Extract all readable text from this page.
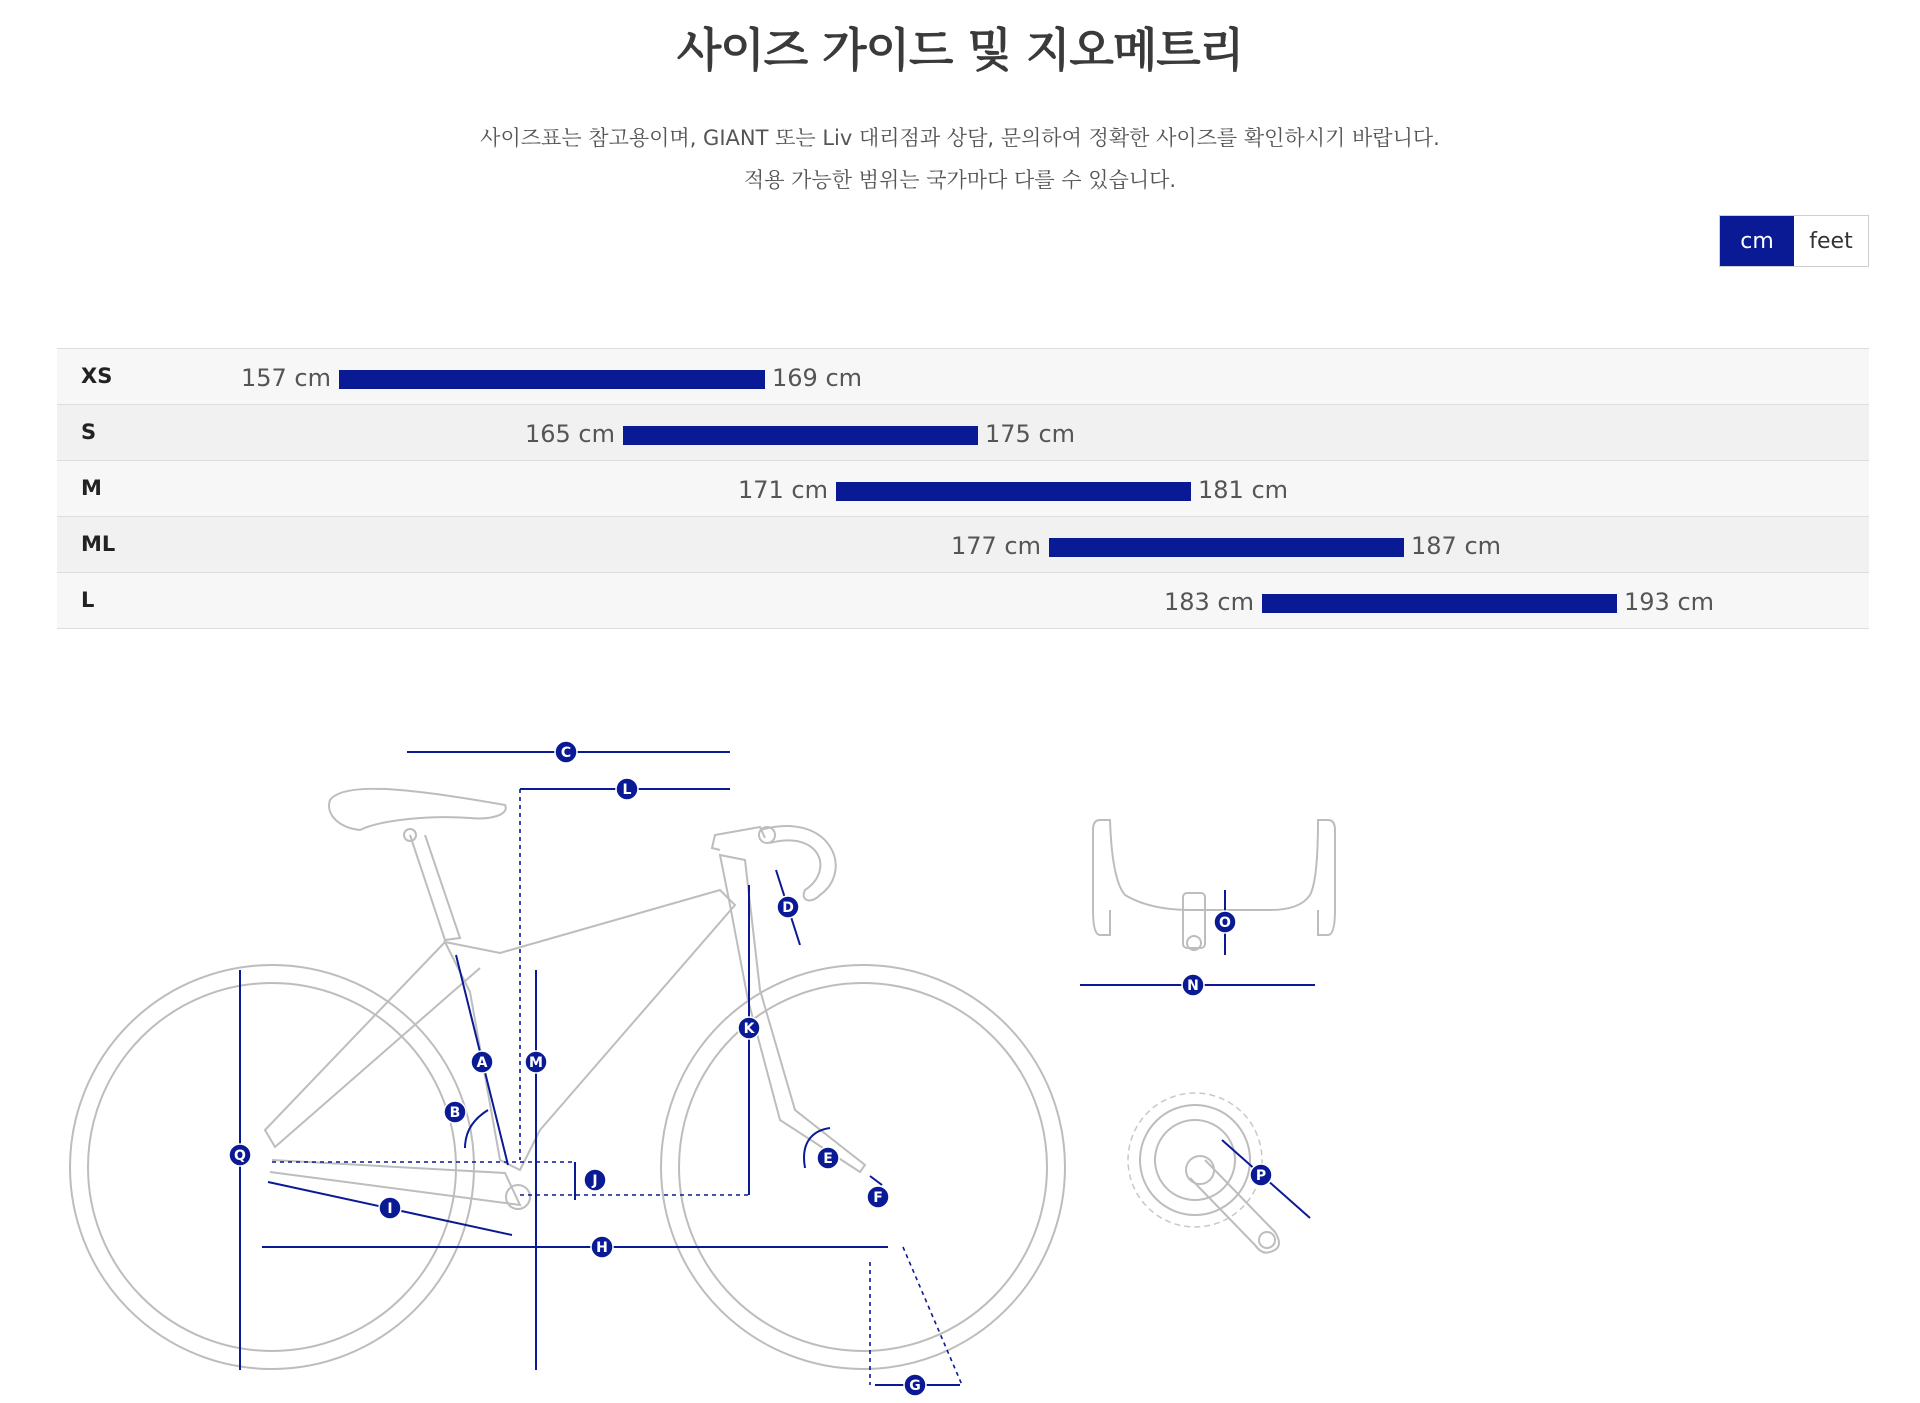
사이즈 가이드 및 지오메트리
사이즈표는 참고용이며, GIANT 또는 Liv 대리점과 상담, 문의하여 정확한 사이즈를 확인하시기 바랍니다.
적용 가능한 범위는 국가마다 다를 수 있습니다.
cm	feet
XS	157 cm	169 cm
S	165 cm	175 cm
M	171 cm	181 cm
ML	177 cm	187 cm
L	183 cm	193 cm
A
B
C
D
E
F
G
H
I
J
K
L
M
N
O
P
Q
